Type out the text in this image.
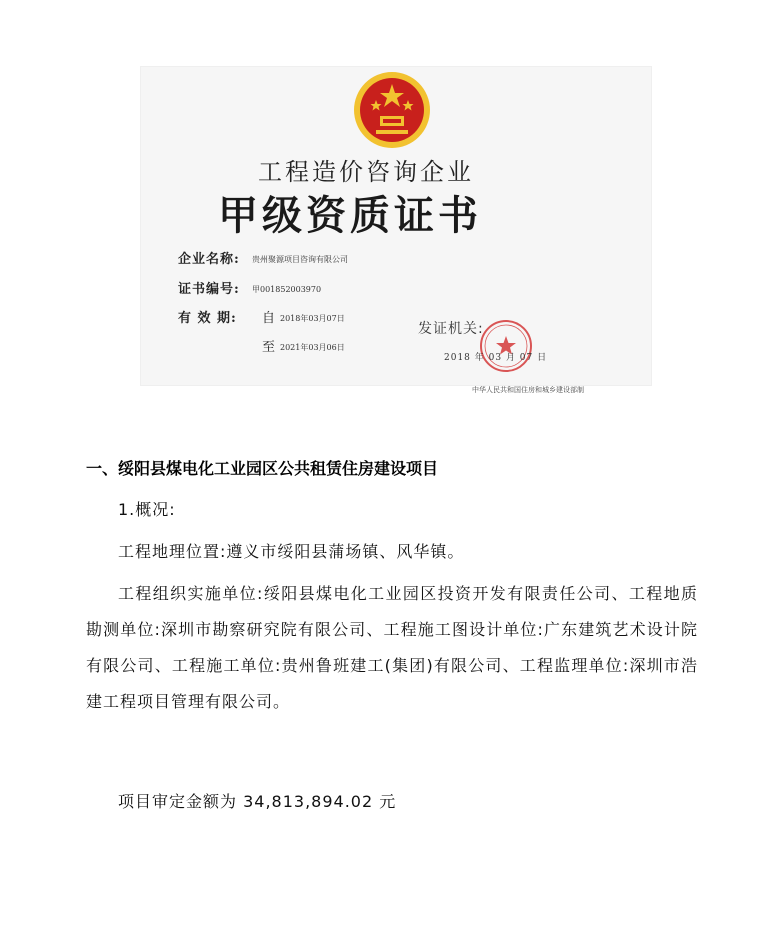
工程造价咨询企业
甲级资质证书
企业名称: 贵州聚源项目咨询有限公司
证书编号: 甲001852003970
有 效 期: 自 2018年03月07日
至 2021年03月06日
发证机关:
2018 年 03 月 07 日
中华人民共和国住房和城乡建设部制
一、绥阳县煤电化工业园区公共租赁住房建设项目

1.概况:

工程地理位置:遵义市绥阳县蒲场镇、风华镇。

工程组织实施单位:绥阳县煤电化工业园区投资开发有限责任公司、工程地质勘测单位:深圳市勘察研究院有限公司、工程施工图设计单位:广东建筑艺术设计院有限公司、工程施工单位:贵州鲁班建工(集团)有限公司、工程监理单位:深圳市浩建工程项目管理有限公司。

项目审定金额为 34,813,894.02 元
